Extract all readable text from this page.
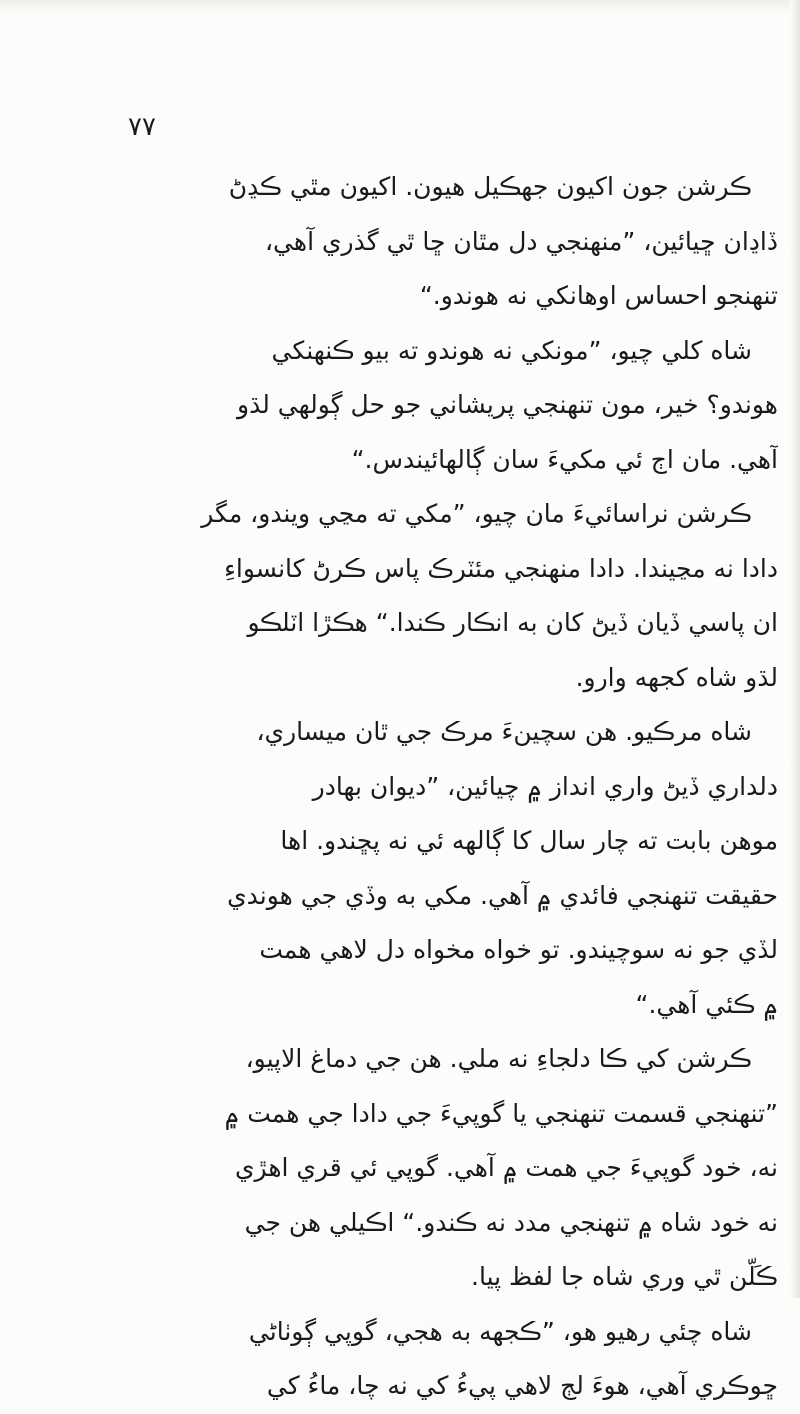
٧٧
ڪرشن جون اکيون جهڪيل هيون. اکيون مٿي ڪڍڻ
ڏاڍان ڇيائين، ”منهنجي دل مٿان ڇا ٿي گذري آهي،
تنهنجو احساس اوهانکي نه هوندو.“
شاه کلي چيو، ”مونکي نه هوندو ته بيو ڪنهنکي
هوندو؟ خير، مون تنهنجي پريشاني جو حل ڳولهي لڌو
آهي. مان اڄ ئي مکيءَ سان ڳالهائيندس.“
ڪرشن نراسائيءَ مان چيو، ”مکي ته مڃي ويندو، مگر
دادا نه مڃيندا. دادا منهنجي مئٽرڪ پاس ڪرڻ کانسواءِ
ان پاسي ڏيان ڏيڻ کان به انڪار ڪندا.“ هڪڙا اٽلڪو
لڌو شاه کجهه وارو.
شاه مرڪيو. هن سچينءَ مرڪ جي ٿان ميساري،
دلداري ڏيڻ واري انداز ۾ چيائين، ”ديوان بهادر
موهن بابت ته چار سال کا ڳالهه ئي نه پڇندو. اها
حقيقت تنهنجي فائدي ۾ آهي. مکي به وڏي جي هوندي
لڏي جو نه سوچيندو. تو خواه مخواه دل لاهي همت
۾ ڪئي آهي.“
ڪرشن کي ڪا دلجاءِ نه ملي. هن جي دماغ الاپيو،
”تنهنجي قسمت تنهنجي يا گوپيءَ جي دادا جي همت ۾
نه، خود گوپيءَ جي همت ۾ آهي. گوپي ئي قري اهڙي
نه خود شاه ۾ تنهنجي مدد نه ڪندو.“ اڪيلي هن جي
ڪَلّن ٿي وري شاه جا لفظ پيا.
شاه چئي رهيو هو، ”ڪجهه به هجي، گوپي ڳوٺاڻي
ڇوڪري آهي، هوءَ لڄ لاهي پيءُ کي نه چا، ماءُ کي
